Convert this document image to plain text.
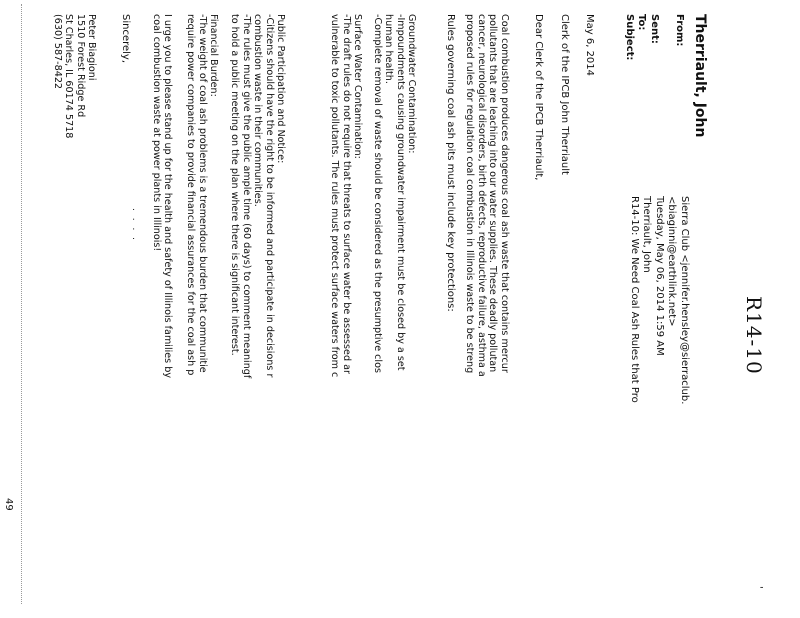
'
R14-10
Therriault, John
From:

Sent:
To:
Subject:
Sierra Club <jennifer.hensley@sierraclub.
<biaginni@earthlink.net>
Tuesday, May 06, 2014 1:59 AM
Therriault, John
R14-10: We Need Coal Ash Rules that Pro
May 6, 2014
Clerk of the IPCB John Therriault
Dear Clerk of the IPCB Therriault,
Coal combustion produces dangerous coal ash waste that contains mercur
pollutants that are leaching into our water supplies. These deadly pollutan
cancer, neurological disorders, birth defects, reproductive failure, asthma a
proposed rules for regulation coal combustion in Illinois waste to be streng
Rules governing coal ash pits must include key protections:
Groundwater Contamination:
-Impoundments causing groundwater impairment must be closed by a set
human health.
-Complete removal of waste should be considered as the presumptive clos
Surface Water Contamination:
-The draft rules do not require that threats to surface water be assessed ar
vulnerable to toxic pollutants. The rules must protect surface waters from c
Public Participation and Notice:
-Citizens should have the right to be informed and participate in decisions r
combustion waste in their communities.
-The rules must give the public ample time (60 days) to comment meaningf
to hold a public meeting on the plan where there is significant interest.
Financial Burden:
-The weight of coal ash problems is a tremendous burden that communitie
require power companies to provide financial assurances for the coal ash p
I urge you to please stand up for the health and safety of Illinois families by
coal combustion waste at power plants in Illinois!
. . . .
Sincerely,
Peter Biagioni
1510 Forest Ridge Rd
St Charles, IL 60174 5718
(630) 587-8422
49
